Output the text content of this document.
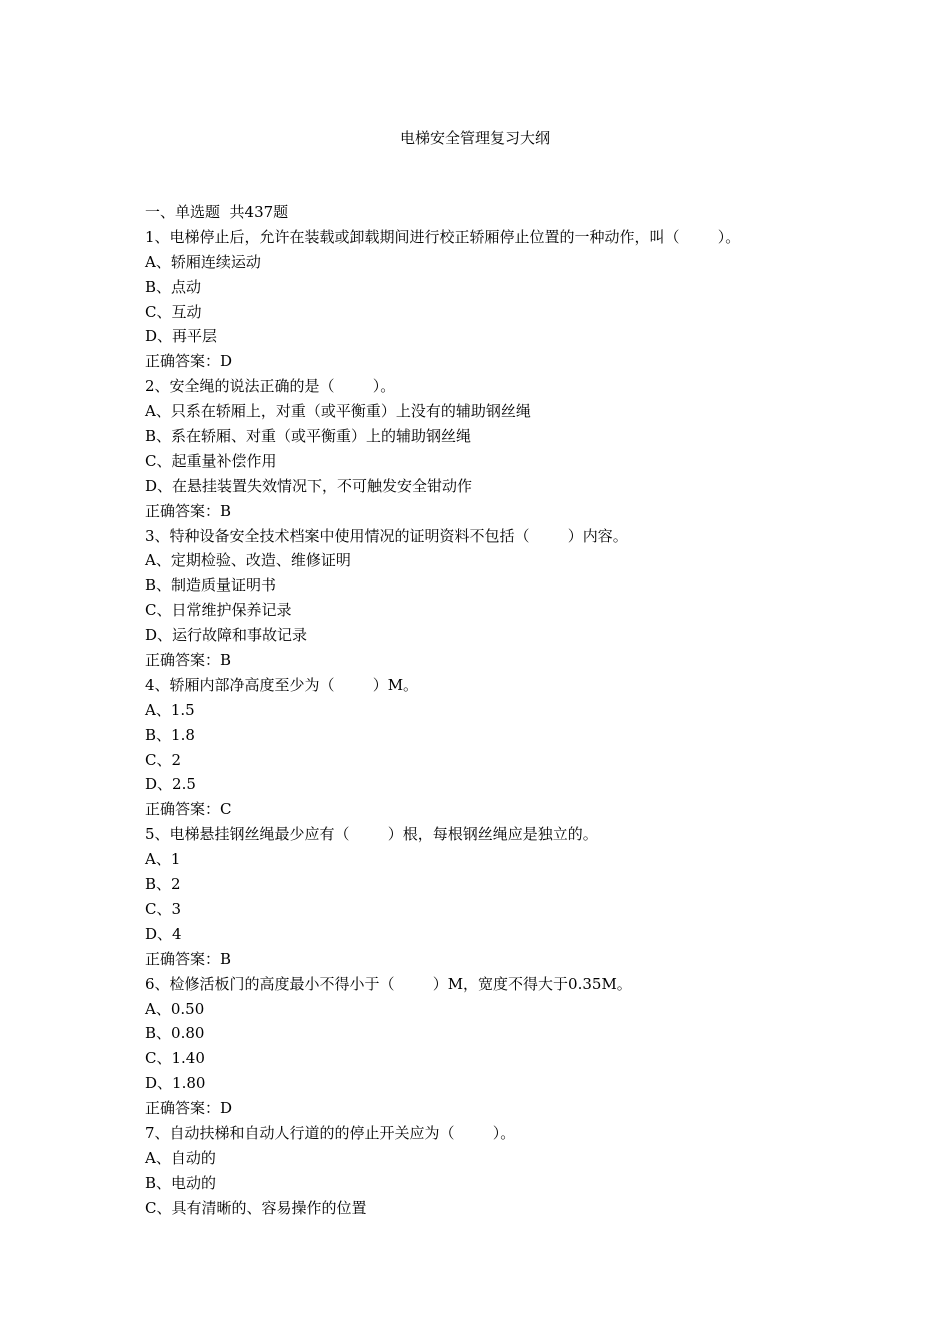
电梯安全管理复习大纲
一、单选题  共437题
1、电梯停止后，允许在装载或卸载期间进行校正轿厢停止位置的一种动作，叫（        ）。
A、轿厢连续运动
B、点动
C、互动
D、再平层
正确答案：D
2、安全绳的说法正确的是（        ）。
A、只系在轿厢上，对重（或平衡重）上没有的辅助钢丝绳
B、系在轿厢、对重（或平衡重）上的辅助钢丝绳
C、起重量补偿作用
D、在悬挂装置失效情况下，不可触发安全钳动作
正确答案：B
3、特种设备安全技术档案中使用情况的证明资料不包括（        ）内容。
A、定期检验、改造、维修证明
B、制造质量证明书
C、日常维护保养记录
D、运行故障和事故记录
正确答案：B
4、轿厢内部净高度至少为（        ）M。
A、1.5
B、1.8
C、2
D、2.5
正确答案：C
5、电梯悬挂钢丝绳最少应有（        ）根，每根钢丝绳应是独立的。
A、1
B、2
C、3
D、4
正确答案：B
6、检修活板门的高度最小不得小于（        ）M，宽度不得大于0.35M。
A、0.50
B、0.80
C、1.40
D、1.80
正确答案：D
7、自动扶梯和自动人行道的的停止开关应为（        ）。
A、自动的
B、电动的
C、具有清晰的、容易操作的位置
